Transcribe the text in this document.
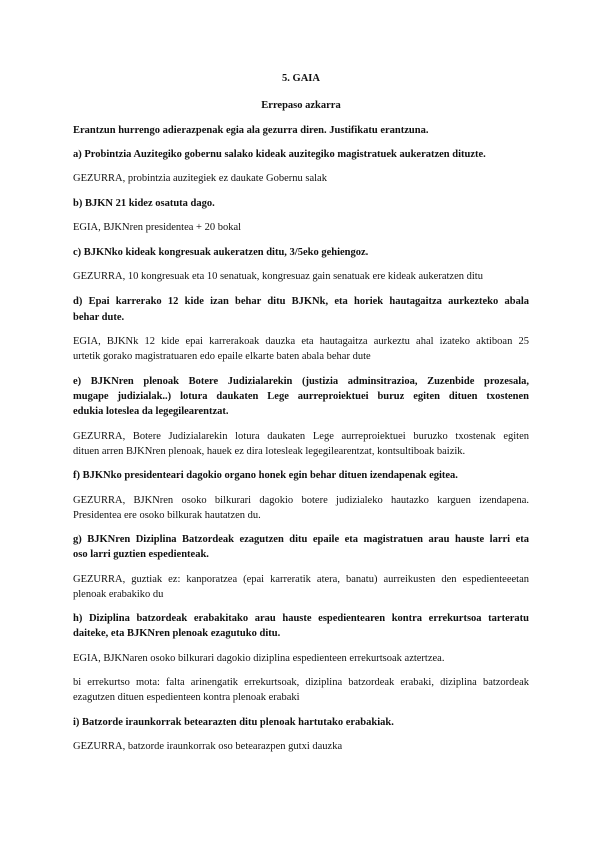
5. GAIA
Errepaso azkarra
Erantzun hurrengo adierazpenak egia ala gezurra diren. Justifikatu erantzuna.
a) Probintzia Auzitegiko gobernu salako kideak auzitegiko magistratuek aukeratzen dituzte.
GEZURRA, probintzia auzitegiek ez daukate Gobernu salak
b) BJKN 21 kidez osatuta dago.
EGIA, BJKNren presidentea + 20 bokal
c) BJKNko kideak kongresuak aukeratzen ditu, 3/5eko gehiengoz.
GEZURRA, 10 kongresuak eta 10 senatuak, kongresuaz gain senatuak ere kideak aukeratzen ditu
d) Epai karrerako 12 kide izan behar ditu BJKNk, eta horiek hautagaitza aurkezteko abala
behar dute.
EGIA, BJKNk 12 kide epai karrerakoak dauzka eta hautagaitza aurkeztu ahal izateko aktiboan 25
urtetik gorako magistratuaren edo epaile elkarte baten abala behar dute
e) BJKNren plenoak Botere Judizialarekin (justizia adminsitrazioa, Zuzenbide prozesala,
mugape judizialak..) lotura daukaten Lege aurreproiektuei buruz egiten dituen txostenen
edukia loteslea da legegilearentzat.
GEZURRA, Botere Judizialarekin lotura daukaten Lege aurreproiektuei buruzko txostenak egiten
dituen arren BJKNren plenoak, hauek ez dira lotesleak legegilearentzat, kontsultiboak baizik.
f) BJKNko presidenteari dagokio organo honek egin behar dituen izendapenak egitea.
GEZURRA, BJKNren osoko bilkurari dagokio botere judizialeko hautazko karguen izendapena.
Presidentea ere osoko bilkurak hautatzen du.
g) BJKNren Diziplina Batzordeak ezagutzen ditu epaile eta magistratuen arau hauste larri eta
oso larri guztien espedienteak.
GEZURRA, guztiak ez: kanporatzea (epai karreratik atera, banatu) aurreikusten den espedienteeetan
plenoak erabakiko du
h) Diziplina batzordeak erabakitako arau hauste espedientearen kontra errekurtsoa tarteratu
daiteke, eta BJKNren plenoak ezagutuko ditu.
EGIA, BJKNaren osoko bilkurari dagokio diziplina espedienteen errekurtsoak aztertzea.
bi errekurtso mota: falta arinengatik errekurtsoak, diziplina batzordeak erabaki, diziplina batzordeak
ezagutzen dituen espedienteen kontra plenoak erabaki
i) Batzorde iraunkorrak betearazten ditu plenoak hartutako erabakiak.
GEZURRA, batzorde iraunkorrak oso betearazpen gutxi dauzka
